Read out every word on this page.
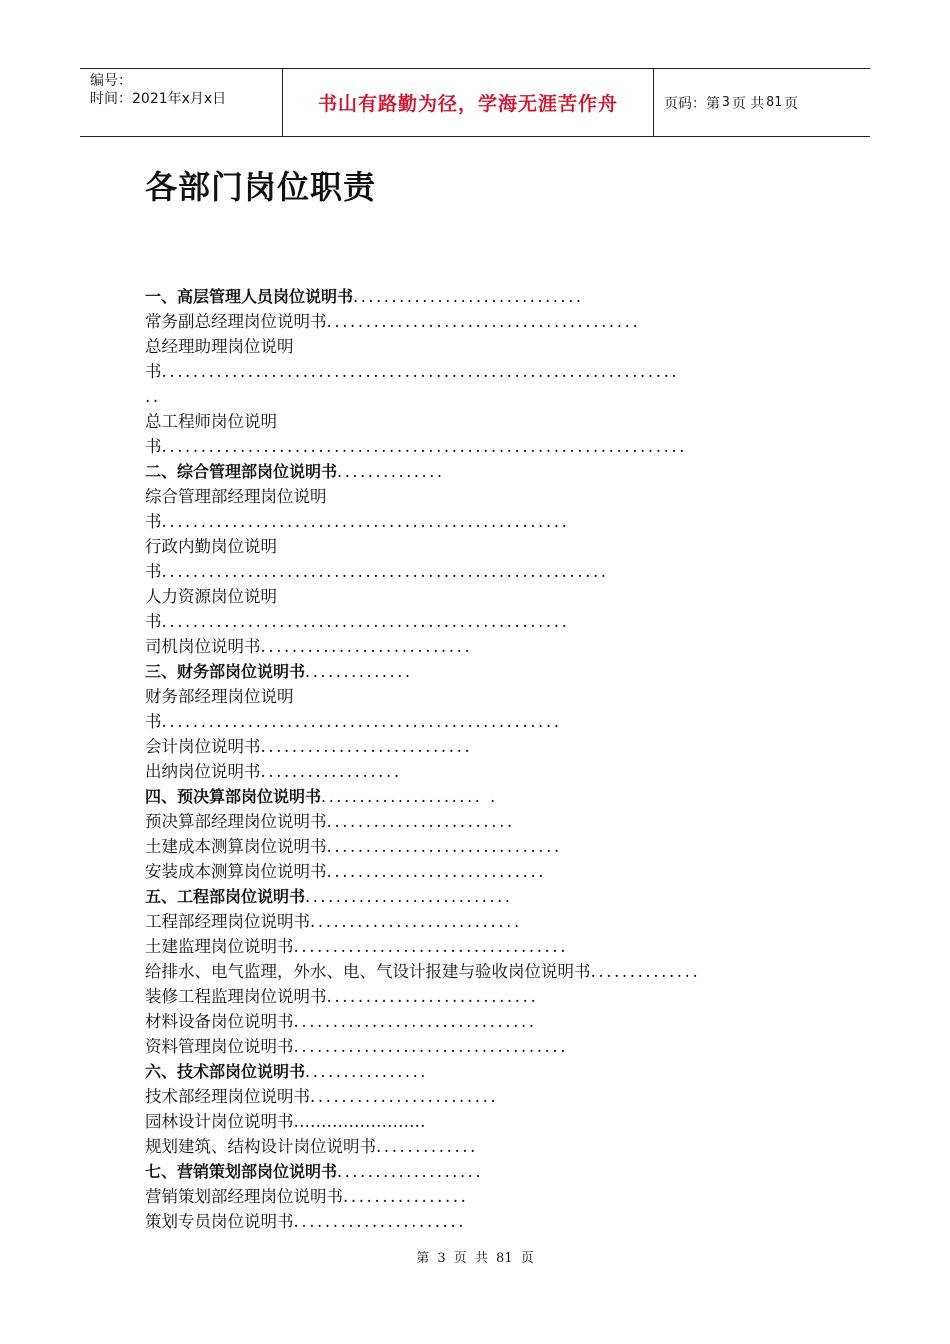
编号：
时间：2021年x月x日	书山有路勤为径，学海无涯苦作舟	页码：第 3 页 共 81 页
各部门岗位职责
一、高层管理人员岗位说明书..............................
常务副总经理岗位说明书........................................
总经理助理岗位说明
书..................................................................
..
总工程师岗位说明
书...................................................................
二、综合管理部岗位说明书..............
综合管理部经理岗位说明
书....................................................
行政内勤岗位说明
书.........................................................
人力资源岗位说明
书....................................................
司机岗位说明书...........................
三、财务部岗位说明书..............
财务部经理岗位说明
书...................................................
会计岗位说明书...........................
出纳岗位说明书..................
四、预决算部岗位说明书..................... .
预决算部经理岗位说明书........................
土建成本测算岗位说明书..............................
安装成本测算岗位说明书............................
五、工程部岗位说明书...........................
工程部经理岗位说明书...........................
土建监理岗位说明书...................................
给排水、电气监理，外水、电、气设计报建与验收岗位说明书..............
装修工程监理岗位说明书...........................
材料设备岗位说明书...............................
资料管理岗位说明书...................................
六、技术部岗位说明书................
技术部经理岗位说明书........................
园林设计岗位说明书……………………
规划建筑、结构设计岗位说明书.............
七、营销策划部岗位说明书...................
营销策划部经理岗位说明书................
策划专员岗位说明书......................
第 3 页 共 81 页
